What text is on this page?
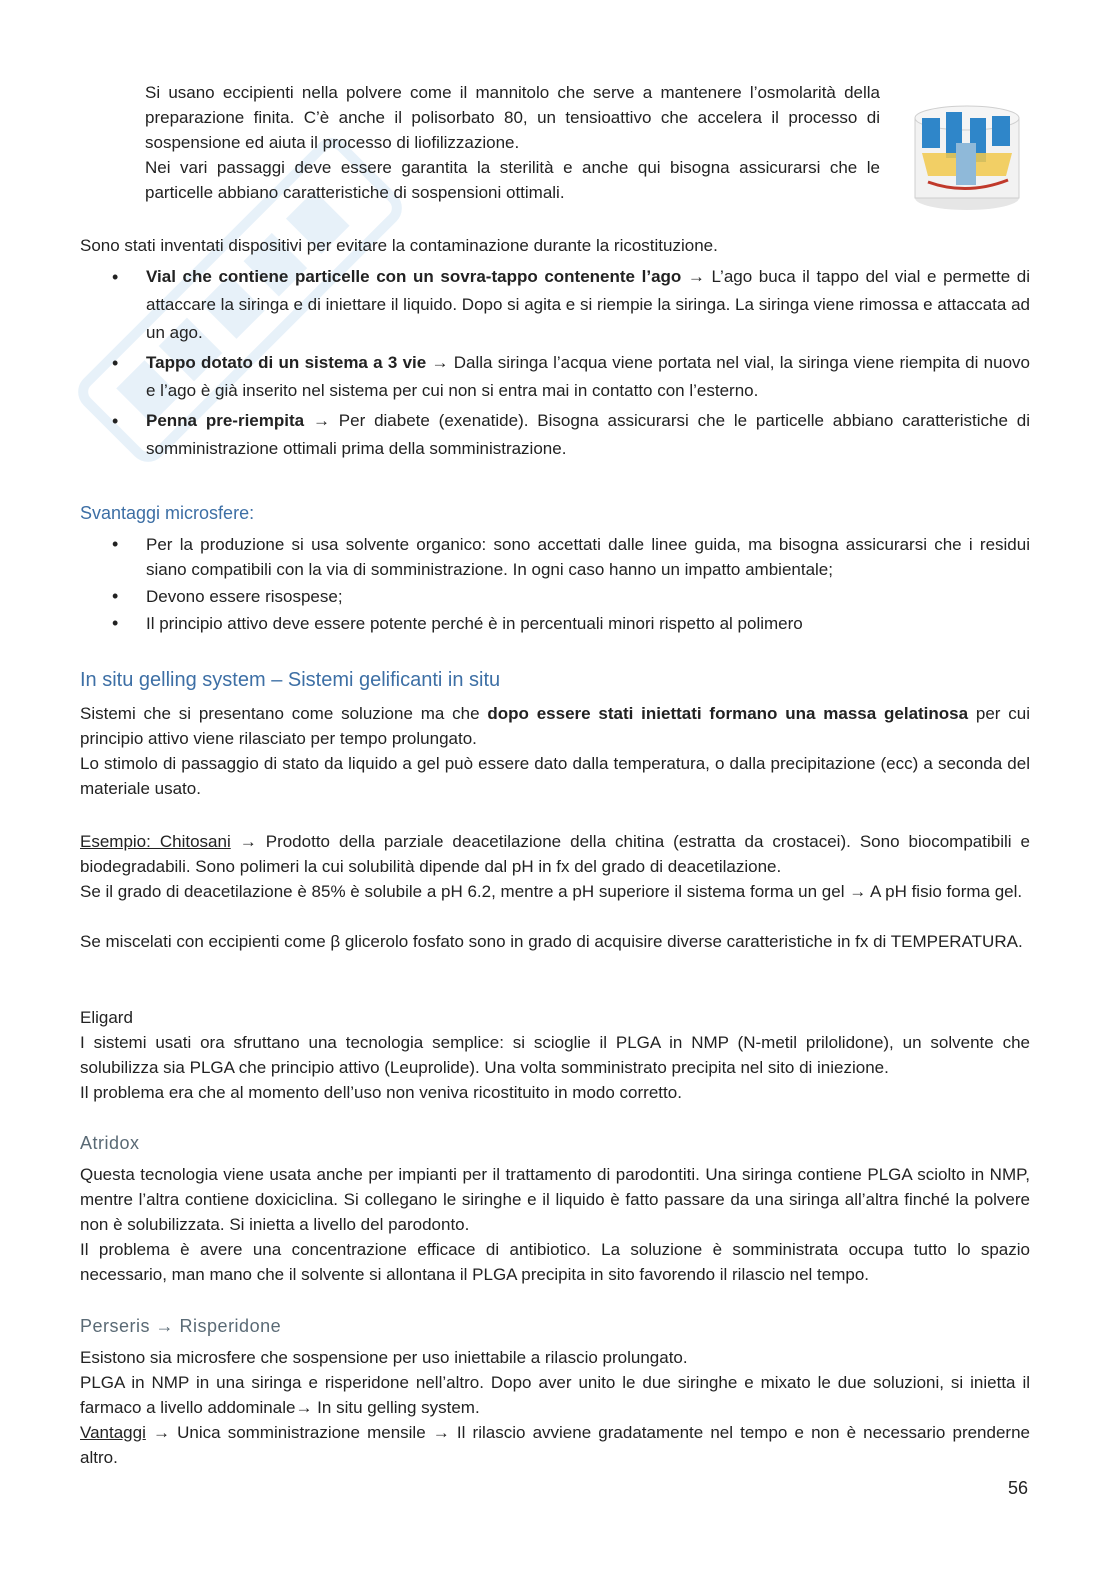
Si usano eccipienti nella polvere come il mannitolo che serve a mantenere l’osmolarità della preparazione finita. C’è anche il polisorbato 80, un tensioattivo che accelera il processo di sospensione ed aiuta il processo di liofilizzazione.

Nei vari passaggi deve essere garantita la sterilità e anche qui bisogna assicurarsi che le particelle abbiano caratteristiche di sospensioni ottimali.

Sono stati inventati dispositivi per evitare la contaminazione durante la ricostituzione.

• Vial che contiene particelle con un sovra-tappo contenente l’ago → L’ago buca il tappo del vial e permette di attaccare la siringa e di iniettare il liquido. Dopo si agita e si riempie la siringa. La siringa viene rimossa e attaccata ad un ago.
• Tappo dotato di un sistema a 3 vie → Dalla siringa l’acqua viene portata nel vial, la siringa viene riempita di nuovo e l’ago è già inserito nel sistema per cui non si entra mai in contatto con l’esterno.
• Penna pre-riempita → Per diabete (exenatide). Bisogna assicurarsi che le particelle abbiano caratteristiche di somministrazione ottimali prima della somministrazione.

Svantaggi microsfere:

• Per la produzione si usa solvente organico: sono accettati dalle linee guida, ma bisogna assicurarsi che i residui siano compatibili con la via di somministrazione. In ogni caso hanno un impatto ambientale;
• Devono essere risospese;
• Il principio attivo deve essere potente perché è in percentuali minori rispetto al polimero

In situ gelling system – Sistemi gelificanti in situ

Sistemi che si presentano come soluzione ma che dopo essere stati iniettati formano una massa gelatinosa per cui principio attivo viene rilasciato per tempo prolungato.

Lo stimolo di passaggio di stato da liquido a gel può essere dato dalla temperatura, o dalla precipitazione (ecc) a seconda del materiale usato.

Esempio: Chitosani → Prodotto della parziale deacetilazione della chitina (estratta da crostacei). Sono biocompatibili e biodegradabili. Sono polimeri la cui solubilità dipende dal pH in fx del grado di deacetilazione.

Se il grado di deacetilazione è 85% è solubile a pH 6.2, mentre a pH superiore il sistema forma un gel → A pH fisio forma gel.

Se miscelati con eccipienti come β glicerolo fosfato sono in grado di acquisire diverse caratteristiche in fx di TEMPERATURA.

Eligard

I sistemi usati ora sfruttano una tecnologia semplice: si scioglie il PLGA in NMP (N-metil prilolidone), un solvente che solubilizza sia PLGA che principio attivo (Leuprolide). Una volta somministrato precipita nel sito di iniezione.

Il problema era che al momento dell’uso non veniva ricostituito in modo corretto.

Atridox

Questa tecnologia viene usata anche per impianti per il trattamento di parodontiti. Una siringa contiene PLGA sciolto in NMP, mentre l’altra contiene doxiciclina. Si collegano le siringhe e il liquido è fatto passare da una siringa all’altra finché la polvere non è solubilizzata. Si inietta a livello del parodonto.

Il problema è avere una concentrazione efficace di antibiotico. La soluzione è somministrata occupa tutto lo spazio necessario, man mano che il solvente si allontana il PLGA precipita in sito favorendo il rilascio nel tempo.

Perseris → Risperidone

Esistono sia microsfere che sospensione per uso iniettabile a rilascio prolungato.

PLGA in NMP in una siringa e risperidone nell’altro. Dopo aver unito le due siringhe e mixato le due soluzioni, si inietta il farmaco a livello addominale→ In situ gelling system.

Vantaggi → Unica somministrazione mensile → Il rilascio avviene gradatamente nel tempo e non è necessario prenderne altro.

56
